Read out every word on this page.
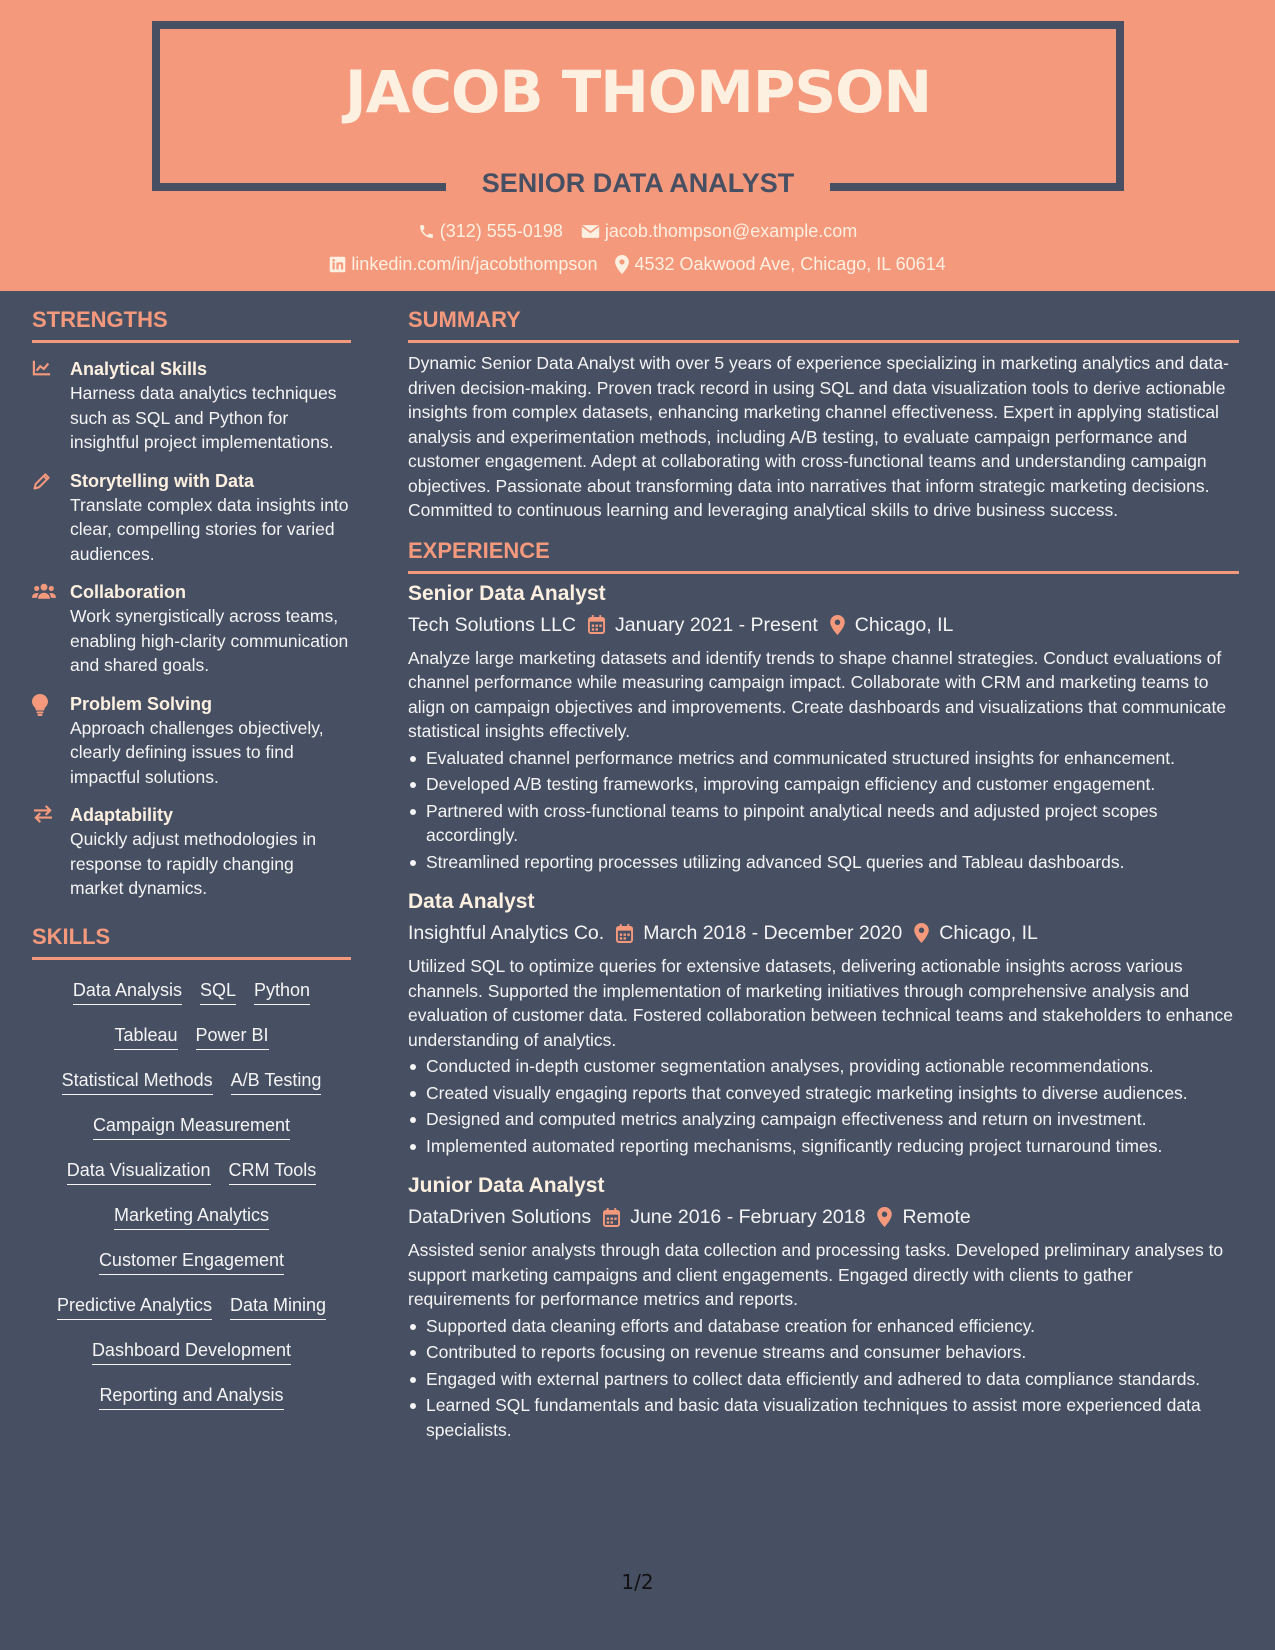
JACOB THOMPSON
SENIOR DATA ANALYST
(312) 555-0198 jacob.thompson@example.com
linkedin.com/in/jacobthompson 4532 Oakwood Ave, Chicago, IL 60614
STRENGTHS
Analytical Skills
Harness data analytics techniques such as SQL and Python for insightful project implementations.
Storytelling with Data
Translate complex data insights into clear, compelling stories for varied audiences.
Collaboration
Work synergistically across teams, enabling high-clarity communication and shared goals.
Problem Solving
Approach challenges objectively, clearly defining issues to find impactful solutions.
Adaptability
Quickly adjust methodologies in response to rapidly changing market dynamics.
SKILLS
Data Analysis SQL Python
Tableau Power BI
Statistical Methods A/B Testing
Campaign Measurement
Data Visualization CRM Tools
Marketing Analytics
Customer Engagement
Predictive Analytics Data Mining
Dashboard Development
Reporting and Analysis
SUMMARY
Dynamic Senior Data Analyst with over 5 years of experience specializing in marketing analytics and data-driven decision-making. Proven track record in using SQL and data visualization tools to derive actionable insights from complex datasets, enhancing marketing channel effectiveness. Expert in applying statistical analysis and experimentation methods, including A/B testing, to evaluate campaign performance and customer engagement. Adept at collaborating with cross-functional teams and understanding campaign objectives. Passionate about transforming data into narratives that inform strategic marketing decisions. Committed to continuous learning and leveraging analytical skills to drive business success.
EXPERIENCE
Senior Data Analyst
Tech Solutions LLC January 2021 - Present Chicago, IL
Analyze large marketing datasets and identify trends to shape channel strategies. Conduct evaluations of channel performance while measuring campaign impact. Collaborate with CRM and marketing teams to align on campaign objectives and improvements. Create dashboards and visualizations that communicate statistical insights effectively.
Evaluated channel performance metrics and communicated structured insights for enhancement.
Developed A/B testing frameworks, improving campaign efficiency and customer engagement.
Partnered with cross-functional teams to pinpoint analytical needs and adjusted project scopes accordingly.
Streamlined reporting processes utilizing advanced SQL queries and Tableau dashboards.
Data Analyst
Insightful Analytics Co. March 2018 - December 2020 Chicago, IL
Utilized SQL to optimize queries for extensive datasets, delivering actionable insights across various channels. Supported the implementation of marketing initiatives through comprehensive analysis and evaluation of customer data. Fostered collaboration between technical teams and stakeholders to enhance understanding of analytics.
Conducted in-depth customer segmentation analyses, providing actionable recommendations.
Created visually engaging reports that conveyed strategic marketing insights to diverse audiences.
Designed and computed metrics analyzing campaign effectiveness and return on investment.
Implemented automated reporting mechanisms, significantly reducing project turnaround times.
Junior Data Analyst
DataDriven Solutions June 2016 - February 2018 Remote
Assisted senior analysts through data collection and processing tasks. Developed preliminary analyses to support marketing campaigns and client engagements. Engaged directly with clients to gather requirements for performance metrics and reports.
Supported data cleaning efforts and database creation for enhanced efficiency.
Contributed to reports focusing on revenue streams and consumer behaviors.
Engaged with external partners to collect data efficiently and adhered to data compliance standards.
Learned SQL fundamentals and basic data visualization techniques to assist more experienced data specialists.
1/2
